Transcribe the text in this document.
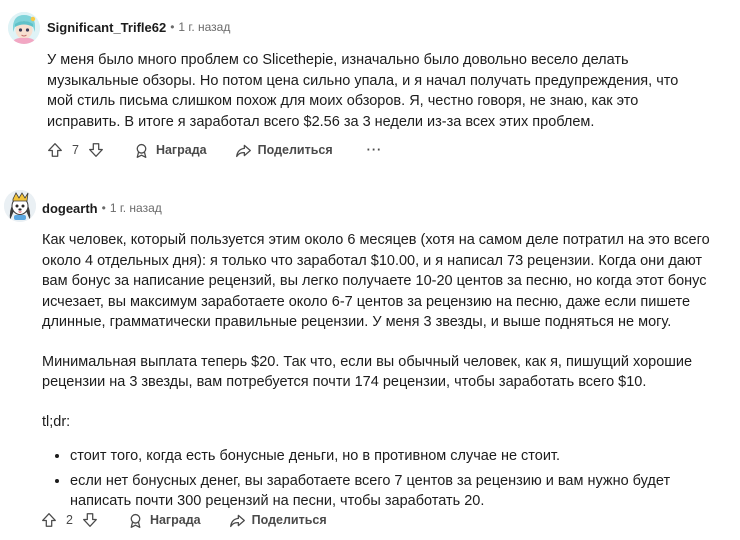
Significant_Trifle62 • 1 г. назад

У меня было много проблем со Slicethepie, изначально было довольно весело делать музыкальные обзоры. Но потом цена сильно упала, и я начал получать предупреждения, что мой стиль письма слишком похож для моих обзоров. Я, честно говоря, не знаю, как это исправить. В итоге я заработал всего $2.56 за 3 недели из-за всех этих проблем.

7	Награда	Поделиться	···
dogearth • 1 г. назад

Как человек, который пользуется этим около 6 месяцев (хотя на самом деле потратил на это всего около 4 отдельных дня): я только что заработал $10.00, и я написал 73 рецензии. Когда они дают вам бонус за написание рецензий, вы легко получаете 10-20 центов за песню, но когда этот бонус исчезает, вы максимум заработаете около 6-7 центов за рецензию на песню, даже если пишете длинные, грамматически правильные рецензии. У меня 3 звезды, и выше подняться не могу.

Минимальная выплата теперь $20. Так что, если вы обычный человек, как я, пишущий хорошие рецензии на 3 звезды, вам потребуется почти 174 рецензии, чтобы заработать всего $10.

tl;dr:

• стоит того, когда есть бонусные деньги, но в противном случае не стоит.
• если нет бонусных денег, вы заработаете всего 7 центов за рецензию и вам нужно будет написать почти 300 рецензий на песни, чтобы заработать 20.
2	Награда	Поделиться
